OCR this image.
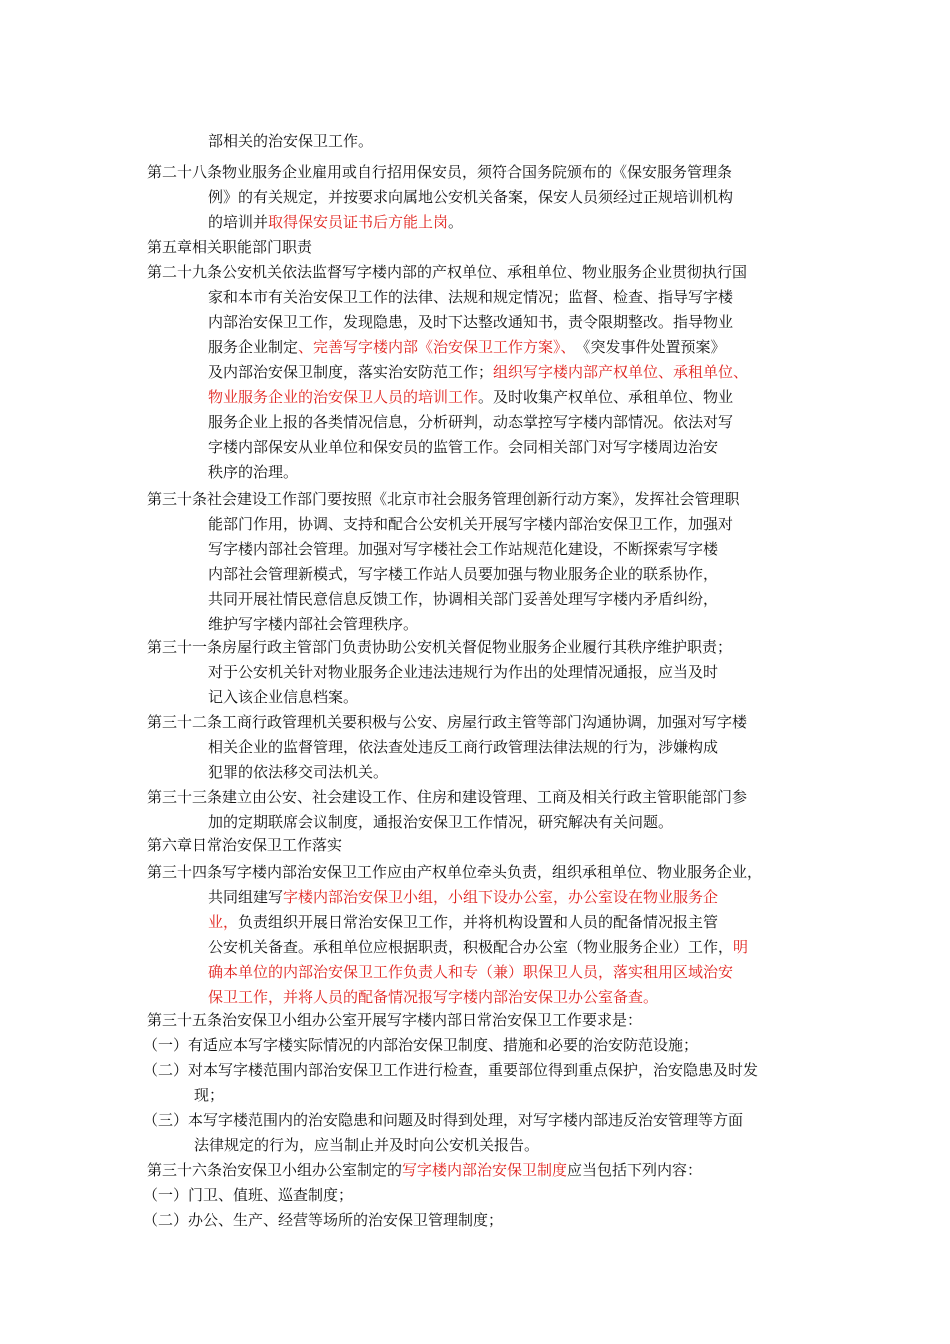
部相关的治安保卫工作。
第二十八条物业服务企业雇用或自行招用保安员，须符合国务院颁布的《保安服务管理条
例》的有关规定，并按要求向属地公安机关备案，保安人员须经过正规培训机构
的培训并取得保安员证书后方能上岗。
第五章相关职能部门职责
第二十九条公安机关依法监督写字楼内部的产权单位、承租单位、物业服务企业贯彻执行国
家和本市有关治安保卫工作的法律、法规和规定情况；监督、检查、指导写字楼
内部治安保卫工作，发现隐患，及时下达整改通知书，责令限期整改。指导物业
服务企业制定、完善写字楼内部《治安保卫工作方案》、　《突发事件处置预案》
及内部治安保卫制度，落实治安防范工作；组织写字楼内部产权单位、承租单位、
物业服务企业的治安保卫人员的培训工作。及时收集产权单位、承租单位、物业
服务企业上报的各类情况信息，分析研判，动态掌控写字楼内部情况。依法对写
字楼内部保安从业单位和保安员的监管工作。会同相关部门对写字楼周边治安
秩序的治理。
第三十条社会建设工作部门要按照《北京市社会服务管理创新行动方案》，发挥社会管理职
能部门作用，协调、支持和配合公安机关开展写字楼内部治安保卫工作，加强对
写字楼内部社会管理。加强对写字楼社会工作站规范化建设，不断探索写字楼
内部社会管理新模式，写字楼工作站人员要加强与物业服务企业的联系协作，
共同开展社情民意信息反馈工作，协调相关部门妥善处理写字楼内矛盾纠纷，
维护写字楼内部社会管理秩序。
第三十一条房屋行政主管部门负责协助公安机关督促物业服务企业履行其秩序维护职责；
对于公安机关针对物业服务企业违法违规行为作出的处理情况通报，应当及时
记入该企业信息档案。
第三十二条工商行政管理机关要积极与公安、房屋行政主管等部门沟通协调，加强对写字楼
相关企业的监督管理，依法查处违反工商行政管理法律法规的行为，涉嫌构成
犯罪的依法移交司法机关。
第三十三条建立由公安、社会建设工作、住房和建设管理、工商及相关行政主管职能部门参
加的定期联席会议制度，通报治安保卫工作情况，研究解决有关问题。
第六章日常治安保卫工作落实
第三十四条写字楼内部治安保卫工作应由产权单位牵头负责，组织承租单位、物业服务企业，
共同组建写字楼内部治安保卫小组，小组下设办公室，办公室设在物业服务企
业，负责组织开展日常治安保卫工作，并将机构设置和人员的配备情况报主管
公安机关备查。承租单位应根据职责，积极配合办公室（物业服务企业）工作，明
确本单位的内部治安保卫工作负责人和专（兼）职保卫人员，落实租用区域治安
保卫工作，并将人员的配备情况报写字楼内部治安保卫办公室备查。
第三十五条治安保卫小组办公室开展写字楼内部日常治安保卫工作要求是：
（一）有适应本写字楼实际情况的内部治安保卫制度、措施和必要的治安防范设施；
（二）对本写字楼范围内部治安保卫工作进行检查，重要部位得到重点保护，治安隐患及时发
现；
（三）本写字楼范围内的治安隐患和问题及时得到处理，对写字楼内部违反治安管理等方面
法律规定的行为，应当制止并及时向公安机关报告。
第三十六条治安保卫小组办公室制定的写字楼内部治安保卫制度应当包括下列内容：
（一）门卫、值班、巡查制度；
（二）办公、生产、经营等场所的治安保卫管理制度；
